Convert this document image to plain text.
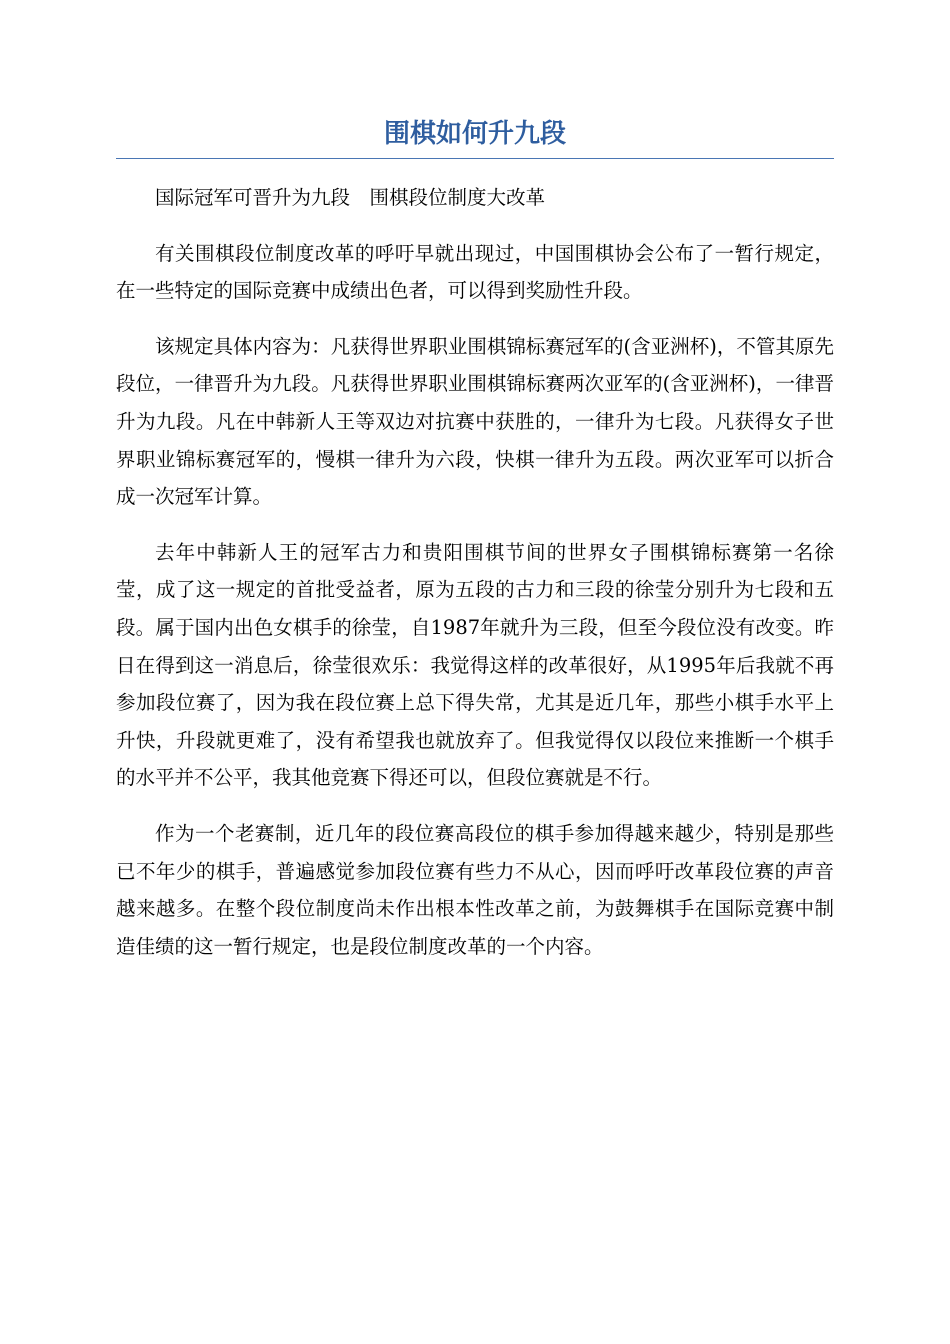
围棋如何升九段

国际冠军可晋升为九段　围棋段位制度大改革

有关围棋段位制度改革的呼吁早就出现过，中国围棋协会公布了一暂行规定，在一些特定的国际竞赛中成绩出色者，可以得到奖励性升段。

该规定具体内容为：凡获得世界职业围棋锦标赛冠军的(含亚洲杯)，不管其原先段位，一律晋升为九段。凡获得世界职业围棋锦标赛两次亚军的(含亚洲杯)，一律晋升为九段。凡在中韩新人王等双边对抗赛中获胜的，一律升为七段。凡获得女子世界职业锦标赛冠军的，慢棋一律升为六段，快棋一律升为五段。两次亚军可以折合成一次冠军计算。

去年中韩新人王的冠军古力和贵阳围棋节间的世界女子围棋锦标赛第一名徐莹，成了这一规定的首批受益者，原为五段的古力和三段的徐莹分别升为七段和五段。属于国内出色女棋手的徐莹，自1987年就升为三段，但至今段位没有改变。昨日在得到这一消息后，徐莹很欢乐：我觉得这样的改革很好，从1995年后我就不再参加段位赛了，因为我在段位赛上总下得失常，尤其是近几年，那些小棋手水平上升快，升段就更难了，没有希望我也就放弃了。但我觉得仅以段位来推断一个棋手的水平并不公平，我其他竞赛下得还可以，但段位赛就是不行。

作为一个老赛制，近几年的段位赛高段位的棋手参加得越来越少，特别是那些已不年少的棋手，普遍感觉参加段位赛有些力不从心，因而呼吁改革段位赛的声音越来越多。在整个段位制度尚未作出根本性改革之前，为鼓舞棋手在国际竞赛中制造佳绩的这一暂行规定，也是段位制度改革的一个内容。
